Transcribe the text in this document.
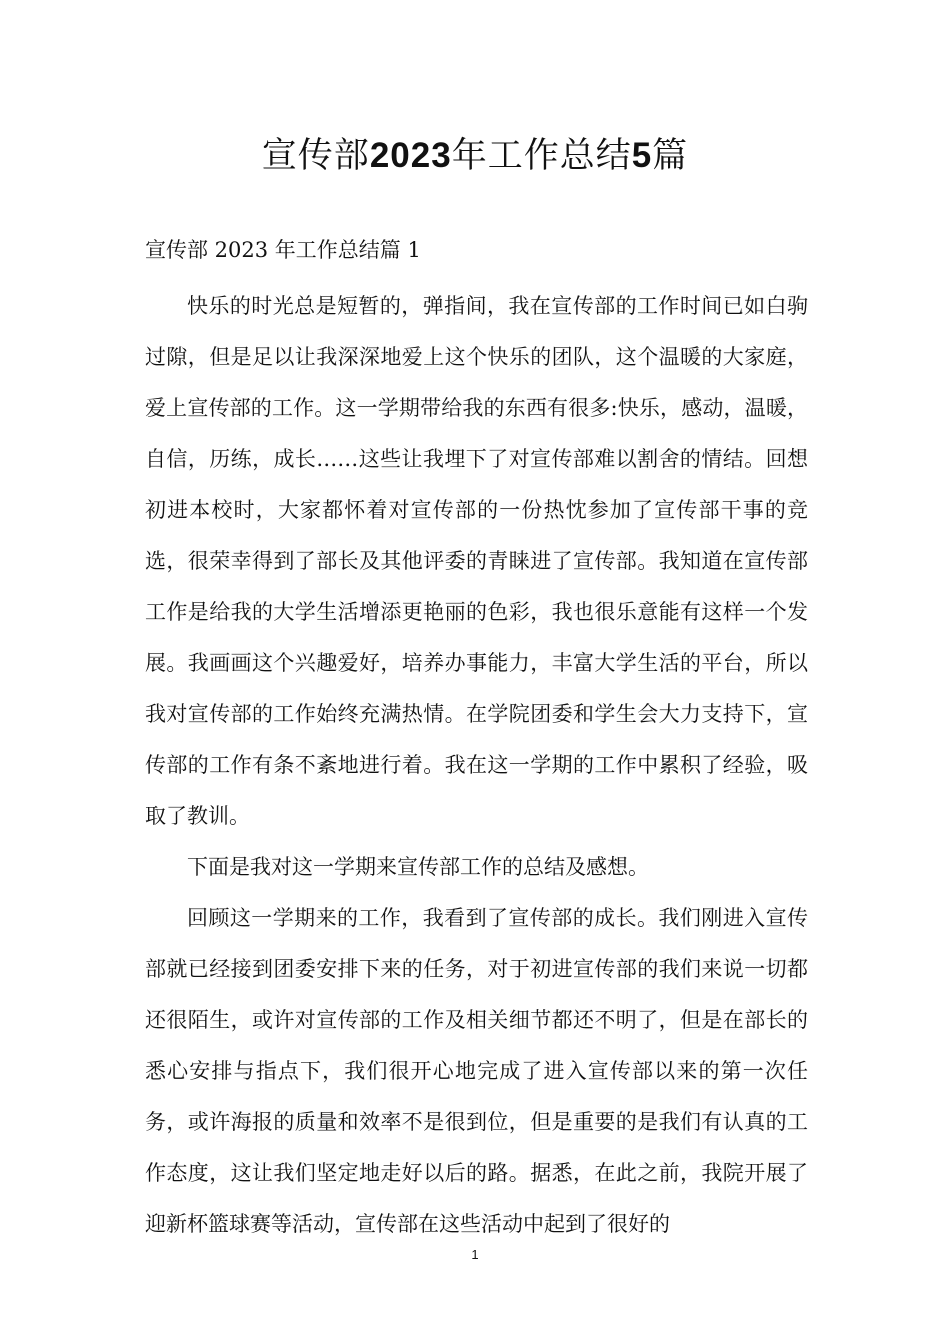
宣传部2023年工作总结5篇
宣传部 2023 年工作总结篇 1

快乐的时光总是短暂的，弹指间，我在宣传部的工作时间已如白驹过隙，但是足以让我深深地爱上这个快乐的团队，这个温暖的大家庭，爱上宣传部的工作。这一学期带给我的东西有很多:快乐，感动，温暖，自信，历练，成长……这些让我埋下了对宣传部难以割舍的情结。回想初进本校时，大家都怀着对宣传部的一份热忱参加了宣传部干事的竞选，很荣幸得到了部长及其他评委的青睐进了宣传部。我知道在宣传部工作是给我的大学生活增添更艳丽的色彩，我也很乐意能有这样一个发展。我画画这个兴趣爱好，培养办事能力，丰富大学生活的平台，所以我对宣传部的工作始终充满热情。在学院团委和学生会大力支持下，宣传部的工作有条不紊地进行着。我在这一学期的工作中累积了经验，吸取了教训。

下面是我对这一学期来宣传部工作的总结及感想。

回顾这一学期来的工作，我看到了宣传部的成长。我们刚进入宣传部就已经接到团委安排下来的任务，对于初进宣传部的我们来说一切都还很陌生，或许对宣传部的工作及相关细节都还不明了，但是在部长的悉心安排与指点下，我们很开心地完成了进入宣传部以来的第一次任务，或许海报的质量和效率不是很到位，但是重要的是我们有认真的工作态度，这让我们坚定地走好以后的路。据悉，在此之前，我院开展了迎新杯篮球赛等活动，宣传部在这些活动中起到了很好的

1
